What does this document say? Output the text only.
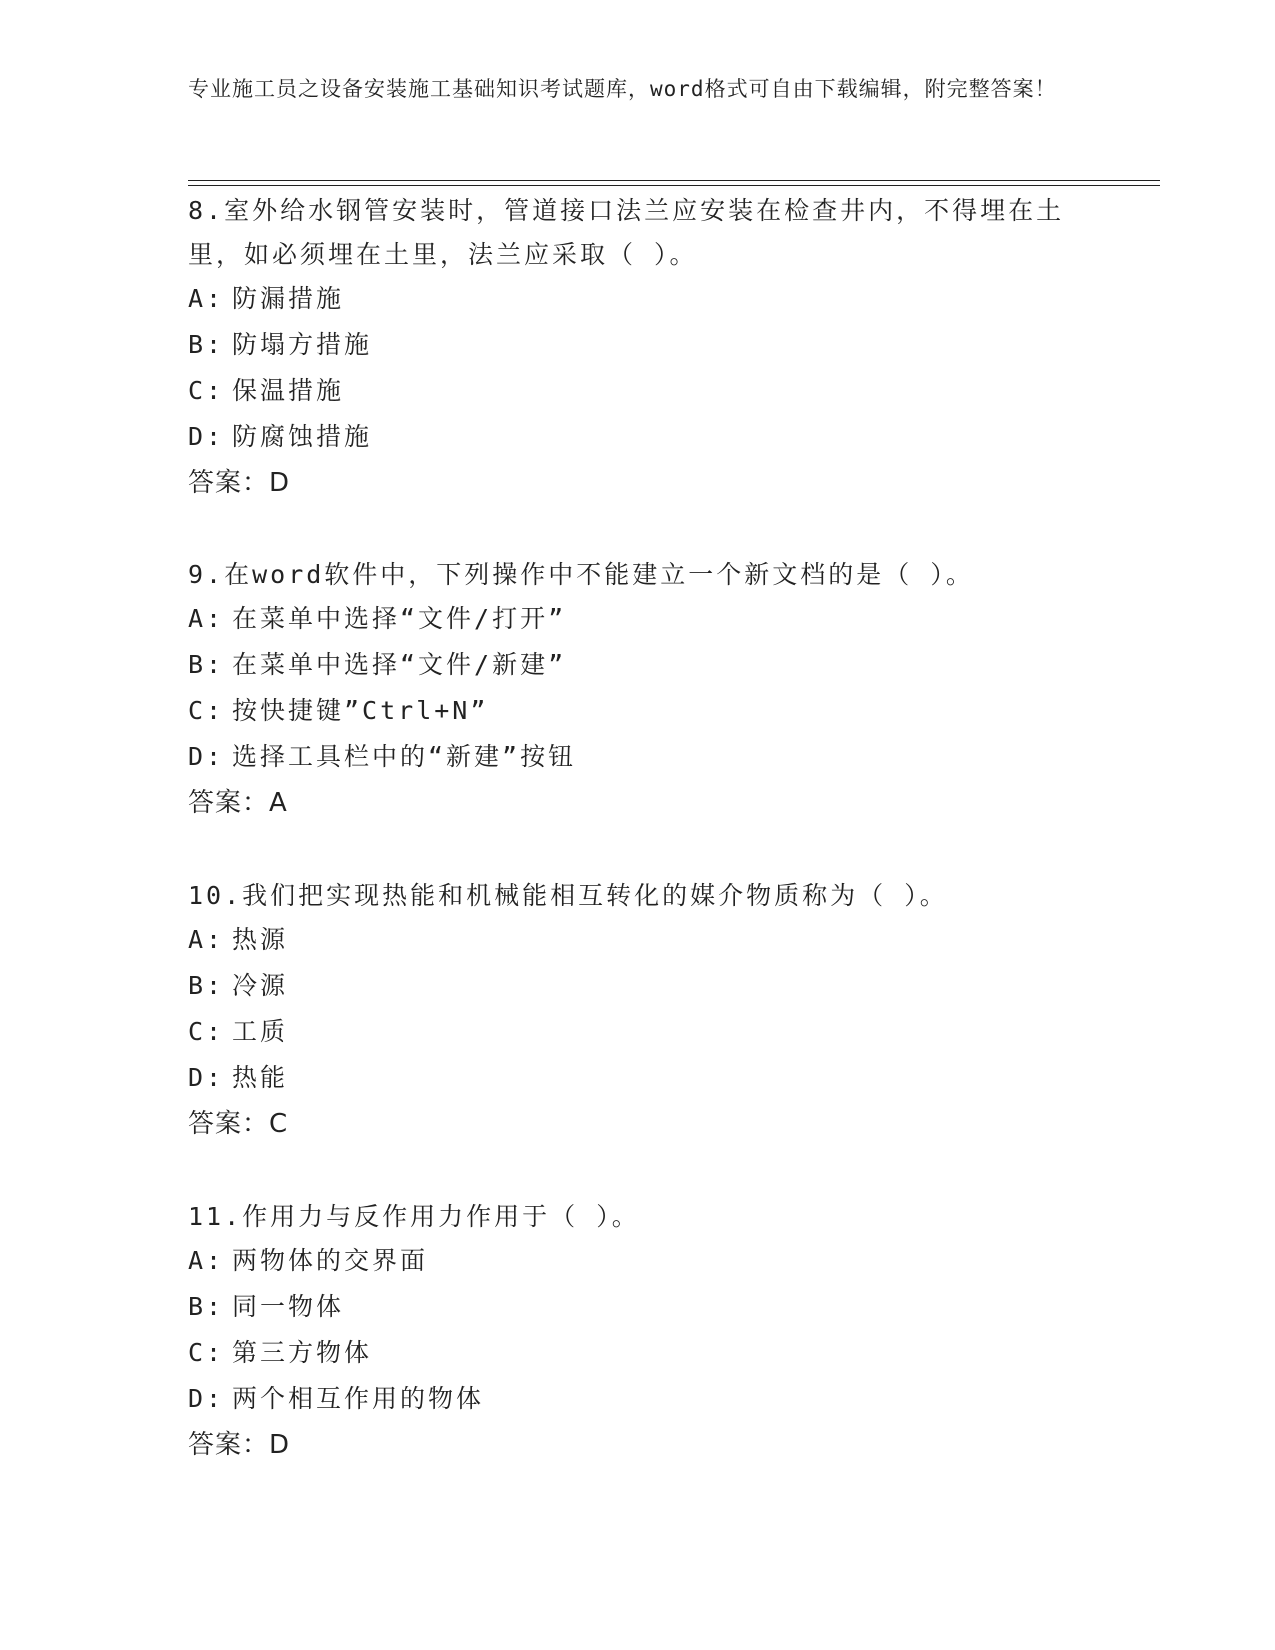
专业施工员之设备安装施工基础知识考试题库，word格式可自由下载编辑，附完整答案！

8.室外给水钢管安装时，管道接口法兰应安装在检查井内，不得埋在土里，如必须埋在土里，法兰应采取（ ）。

A: 防漏措施
B: 防塌方措施
C: 保温措施
D: 防腐蚀措施
答案：D

9.在word软件中，下列操作中不能建立一个新文档的是（ ）。

A: 在菜单中选择“文件/打开”
B: 在菜单中选择“文件/新建”
C: 按快捷键”Ctrl+N”
D: 选择工具栏中的“新建”按钮
答案：A

10.我们把实现热能和机械能相互转化的媒介物质称为（ ）。

A: 热源
B: 冷源
C: 工质
D: 热能
答案：C

11.作用力与反作用力作用于（ ）。

A: 两物体的交界面
B: 同一物体
C: 第三方物体
D: 两个相互作用的物体
答案：D
